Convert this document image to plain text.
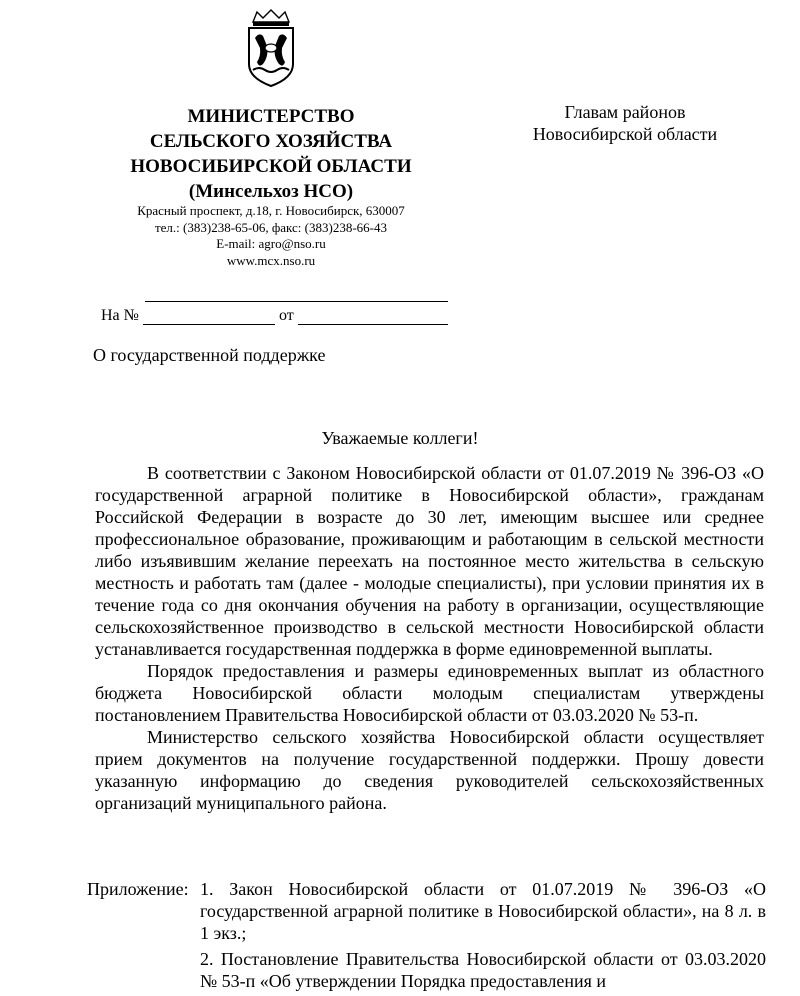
МИНИСТЕРСТВО
СЕЛЬСКОГО ХОЗЯЙСТВА
НОВОСИБИРСКОЙ ОБЛАСТИ
(Минсельхоз НСО)
Красный проспект, д.18, г. Новосибирск, 630007
тел.: (383)238-65-06, факс: (383)238-66-43
E-mail: agro@nso.ru
www.mcx.nso.ru
Главам районов
Новосибирской области
На №	от
О государственной поддержке
Уважаемые коллеги!

В соответствии с Законом Новосибирской области от 01.07.2019 № 396-ОЗ «О государственной аграрной политике в Новосибирской области», гражданам Российской Федерации в возрасте до 30 лет, имеющим высшее или среднее профессиональное образование, проживающим и работающим в сельской местности либо изъявившим желание переехать на постоянное место жительства в сельскую местность и работать там (далее - молодые специалисты), при условии принятия их в течение года со дня окончания обучения на работу в организации, осуществляющие сельскохозяйственное производство в сельской местности Новосибирской области устанавливается государственная поддержка в форме единовременной выплаты.

Порядок предоставления и размеры единовременных выплат из областного бюджета Новосибирской области молодым специалистам утверждены постановлением Правительства Новосибирской области от 03.03.2020 № 53-п.

Министерство сельского хозяйства Новосибирской области осуществляет прием документов на получение государственной поддержки. Прошу довести указанную информацию до сведения руководителей сельскохозяйственных организаций муниципального района.

Приложение: 1. Закон Новосибирской области от 01.07.2019 № 396-ОЗ «О государственной аграрной политике в Новосибирской области», на 8 л. в 1 экз.;

2. Постановление Правительства Новосибирской области от 03.03.2020 № 53-п «Об утверждении Порядка предоставления и
